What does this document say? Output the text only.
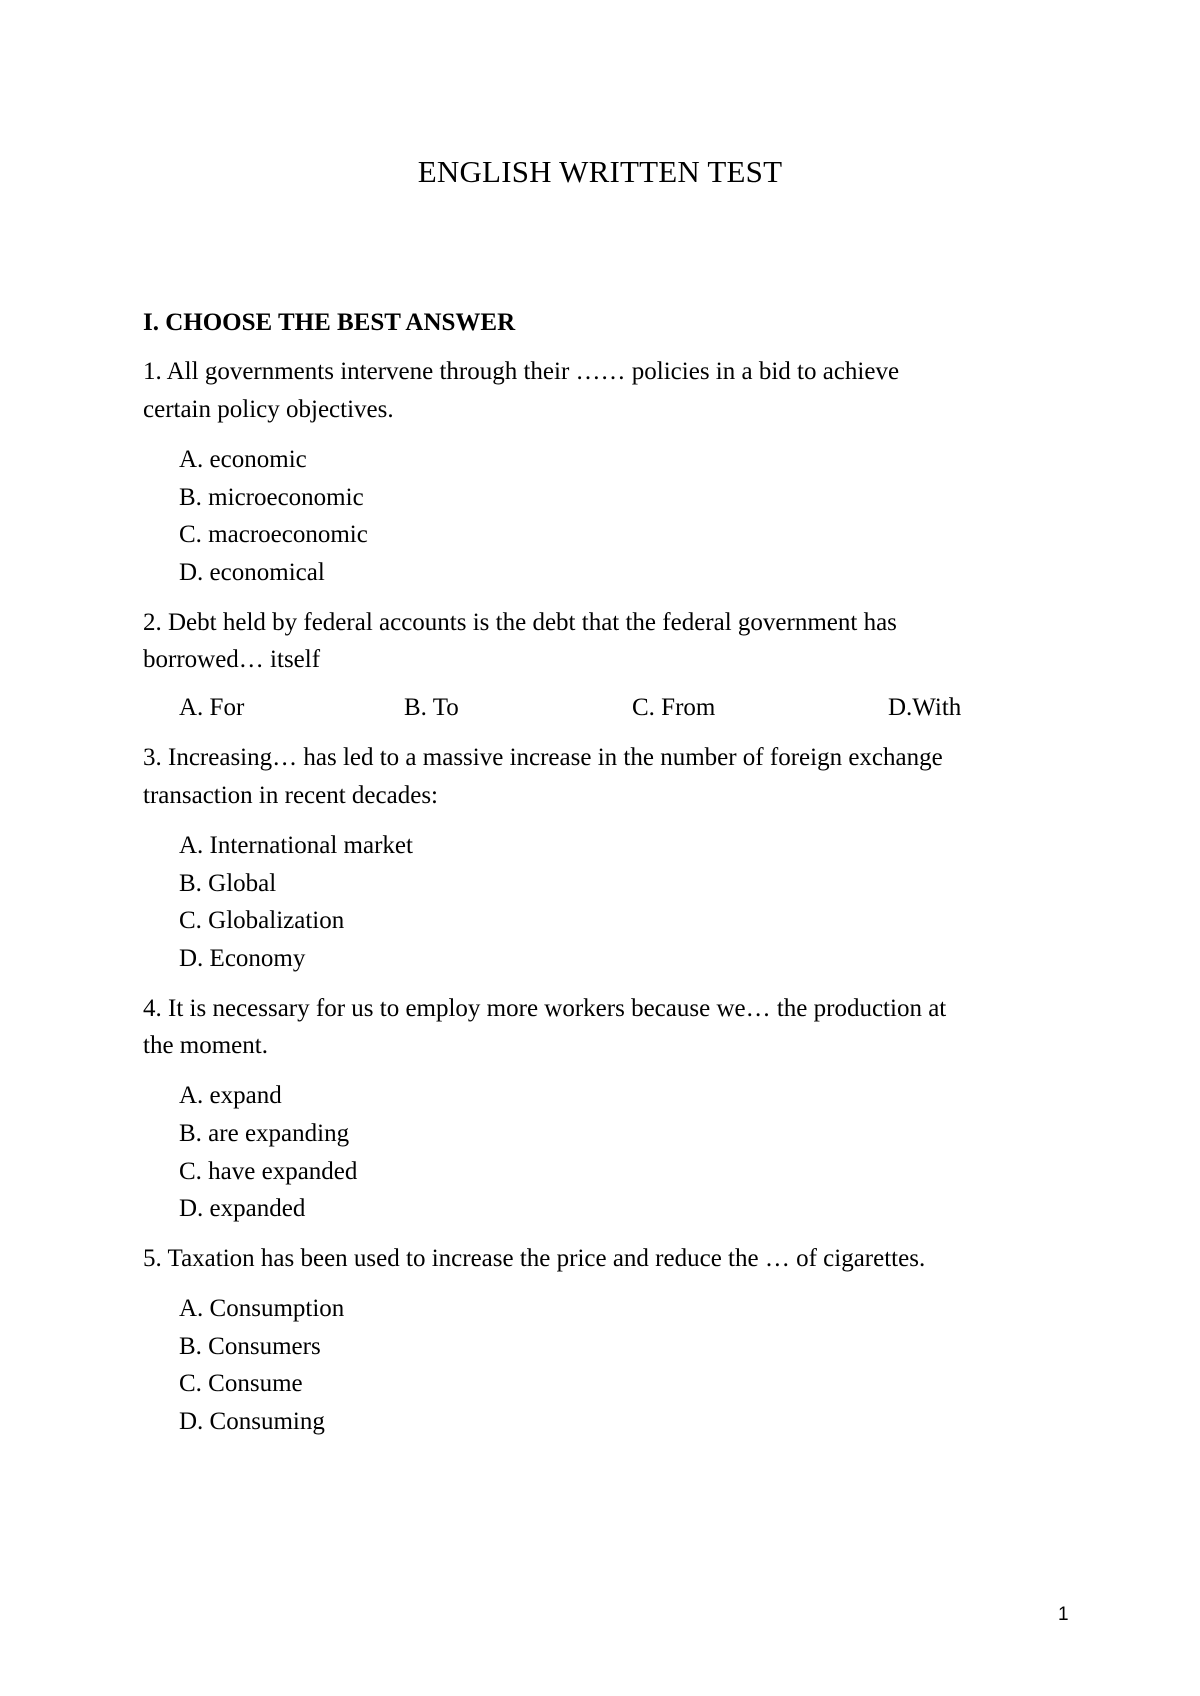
ENGLISH WRITTEN TEST
I. CHOOSE THE BEST ANSWER
1. All governments intervene through their …… policies in a bid to achieve
certain policy objectives.
A. economic
B. microeconomic
C. macroeconomic
D. economical
2. Debt held by federal accounts is the debt that the federal government has
borrowed… itself
A. For	B. To	C. From	D.With
3. Increasing… has led to a massive increase in the number of foreign exchange
transaction in recent decades:
A. International market
B. Global
C. Globalization
D. Economy
4. It is necessary for us to employ more workers because we… the production at
the moment.
A. expand
B. are expanding
C. have expanded
D. expanded
5. Taxation has been used to increase the price and reduce the … of cigarettes.
A. Consumption
B. Consumers
C. Consume
D. Consuming
1
